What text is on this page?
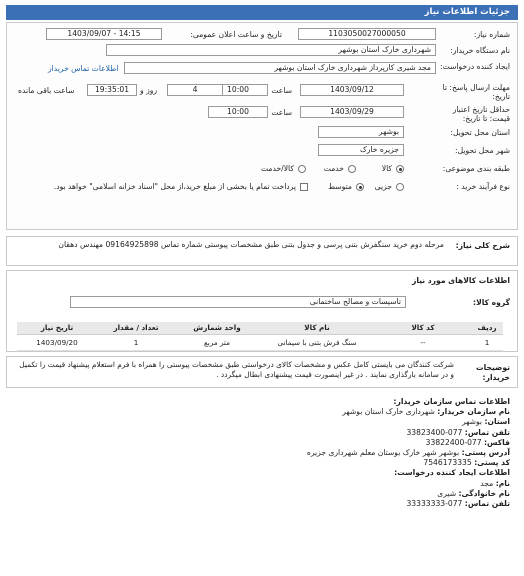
جزئیات اطلاعات نیاز
شماره نیاز:
1103050027000050
تاریخ و ساعت اعلان عمومی:
1403/09/07 - 14:15
نام دستگاه خریدار:
شهرداری خارک استان بوشهر
ایجاد کننده درخواست:
مجد شیری کارپرداز شهرداری خارک استان بوشهر
اطلاعات تماس خریدار
مهلت ارسال پاسخ: تا تاریخ:
1403/09/12
ساعت
10:00
4
روز و
19:35:01
ساعت باقی مانده
حداقل تاریخ اعتبار قیمت: تا تاریخ:
1403/09/29
ساعت
10:00
استان محل تحویل:
بوشهر
شهر محل تحویل:
جزیره خارک
طبقه بندی موضوعی:
کالا
خدمت
کالا/خدمت
نوع فرآیند خرید :
جزیی
متوسط
پرداخت تمام یا بخشی از مبلغ خرید،از محل "اسناد خزانه اسلامی" خواهد بود.
شرح کلی نیاز:
مرحله دوم خرید سنگفرش بتنی پرسی و جدول بتنی طبق مشخصات پیوستی شماره تماس 09164925898 مهندس دهقان
اطلاعات کالاهای مورد نیاز
گروه کالا:
تاسیسات و مصالح ساختمانی
ردیف	کد کالا	نام کالا	واحد شمارش	تعداد / مقدار	تاریخ نیاز
1	--	سنگ فرش بتنی با سیمانی	متر مربع	1	1403/09/20
توضیحات خریدار:
شرکت کنندگان می بایستی کامل عکس و مشخصات کالای درخواستی طبق مشخصات پیوستی را همراه با فرم استعلام پیشنهاد قیمت را تکمیل و در سامانه بارگذاری نمایند . در غیر اینصورت قیمت پیشنهادی ابطال میگردد .
اطلاعات تماس سازمان خریدار:
نام سازمان خریدار: شهرداری خارک استان بوشهر
استان: بوشهر
تلفن تماس: 077-33823400
فاکس: 077-33822400
آدرس پستی: بوشهر شهر خارک بوستان معلم شهرداری جزیره
کد پستی: 7546173335
اطلاعات ایجاد کننده درخواست:
نام: مجد
نام خانوادگی: شیری
تلفن تماس: 077-33333333
